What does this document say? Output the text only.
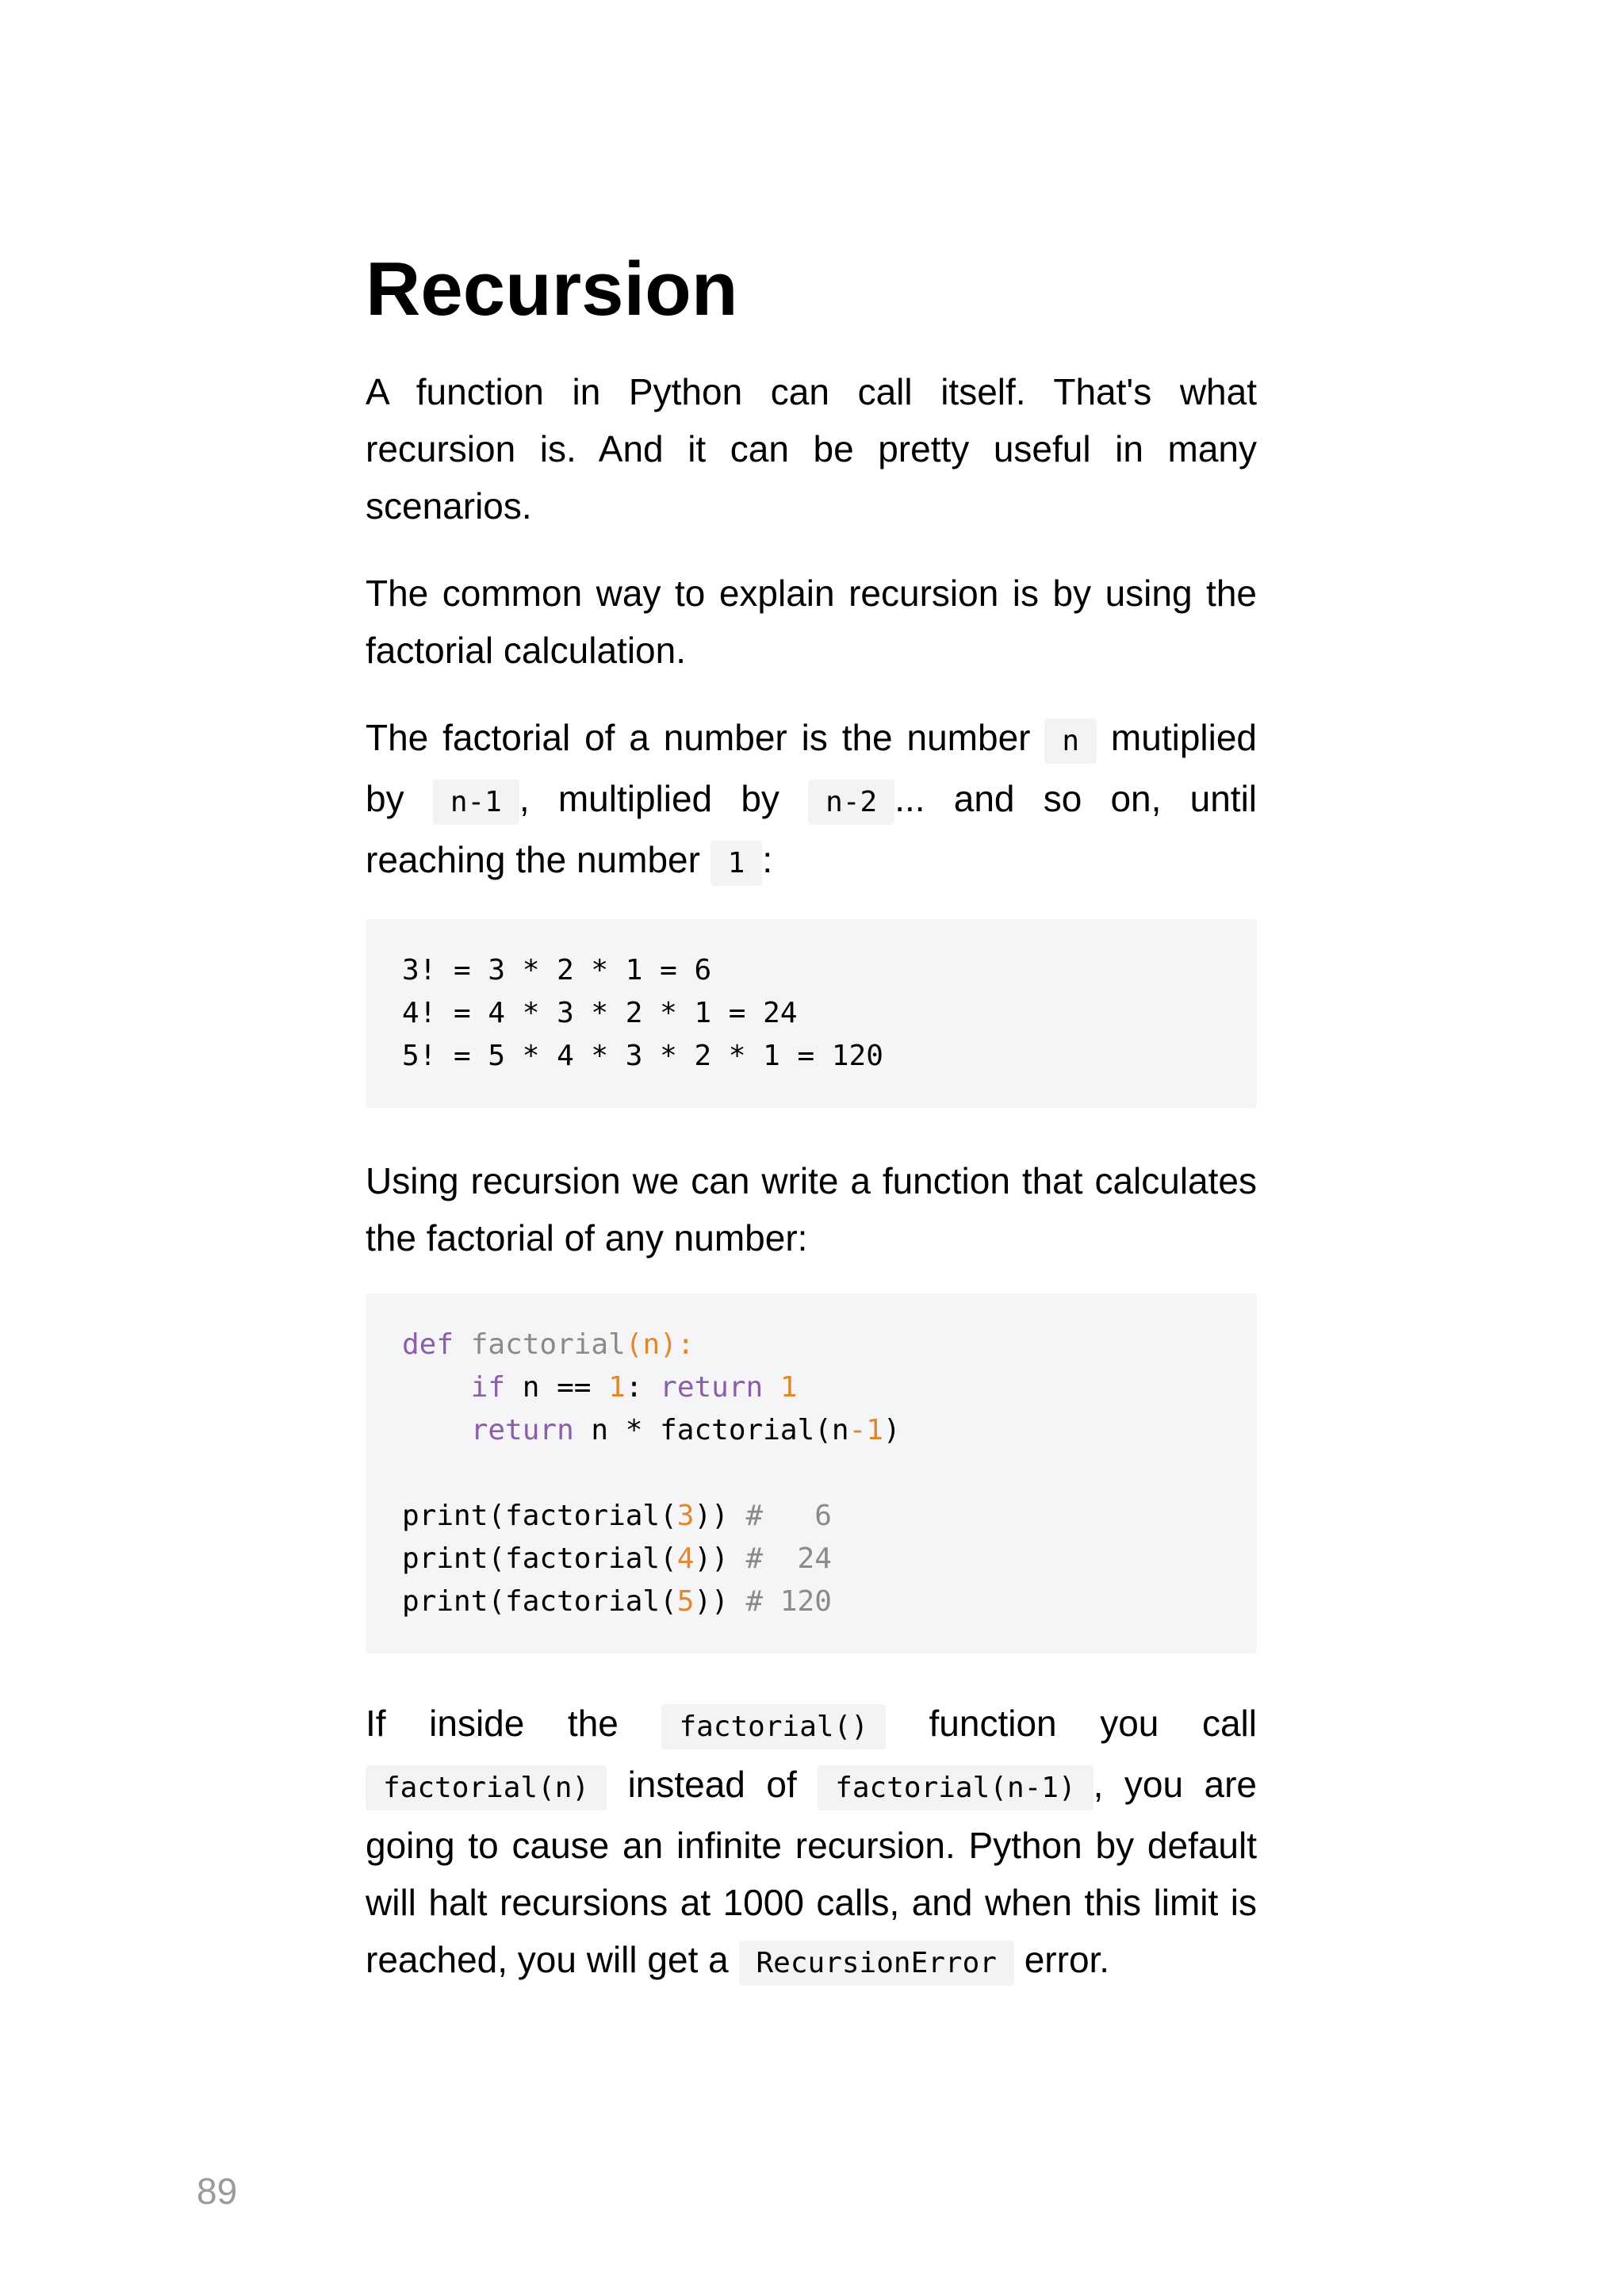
Recursion

A function in Python can call itself. That's what recursion is. And it can be pretty useful in many scenarios.

The common way to explain recursion is by using the factorial calculation.

The factorial of a number is the number n mutiplied by n-1 , multiplied by n-2 ... and so on, until reaching the number 1 :

3! = 3 * 2 * 1 = 6
4! = 4 * 3 * 2 * 1 = 24
5! = 5 * 4 * 3 * 2 * 1 = 120

Using recursion we can write a function that calculates the factorial of any number:

def factorial(n):
if n == 1: return 1
return n * factorial(n-1)

print(factorial(3)) #   6
print(factorial(4)) #  24
print(factorial(5)) # 120

If inside the factorial() function you call factorial(n) instead of factorial(n-1) , you are going to cause an infinite recursion. Python by default will halt recursions at 1000 calls, and when this limit is reached, you will get a RecursionError error.

89
